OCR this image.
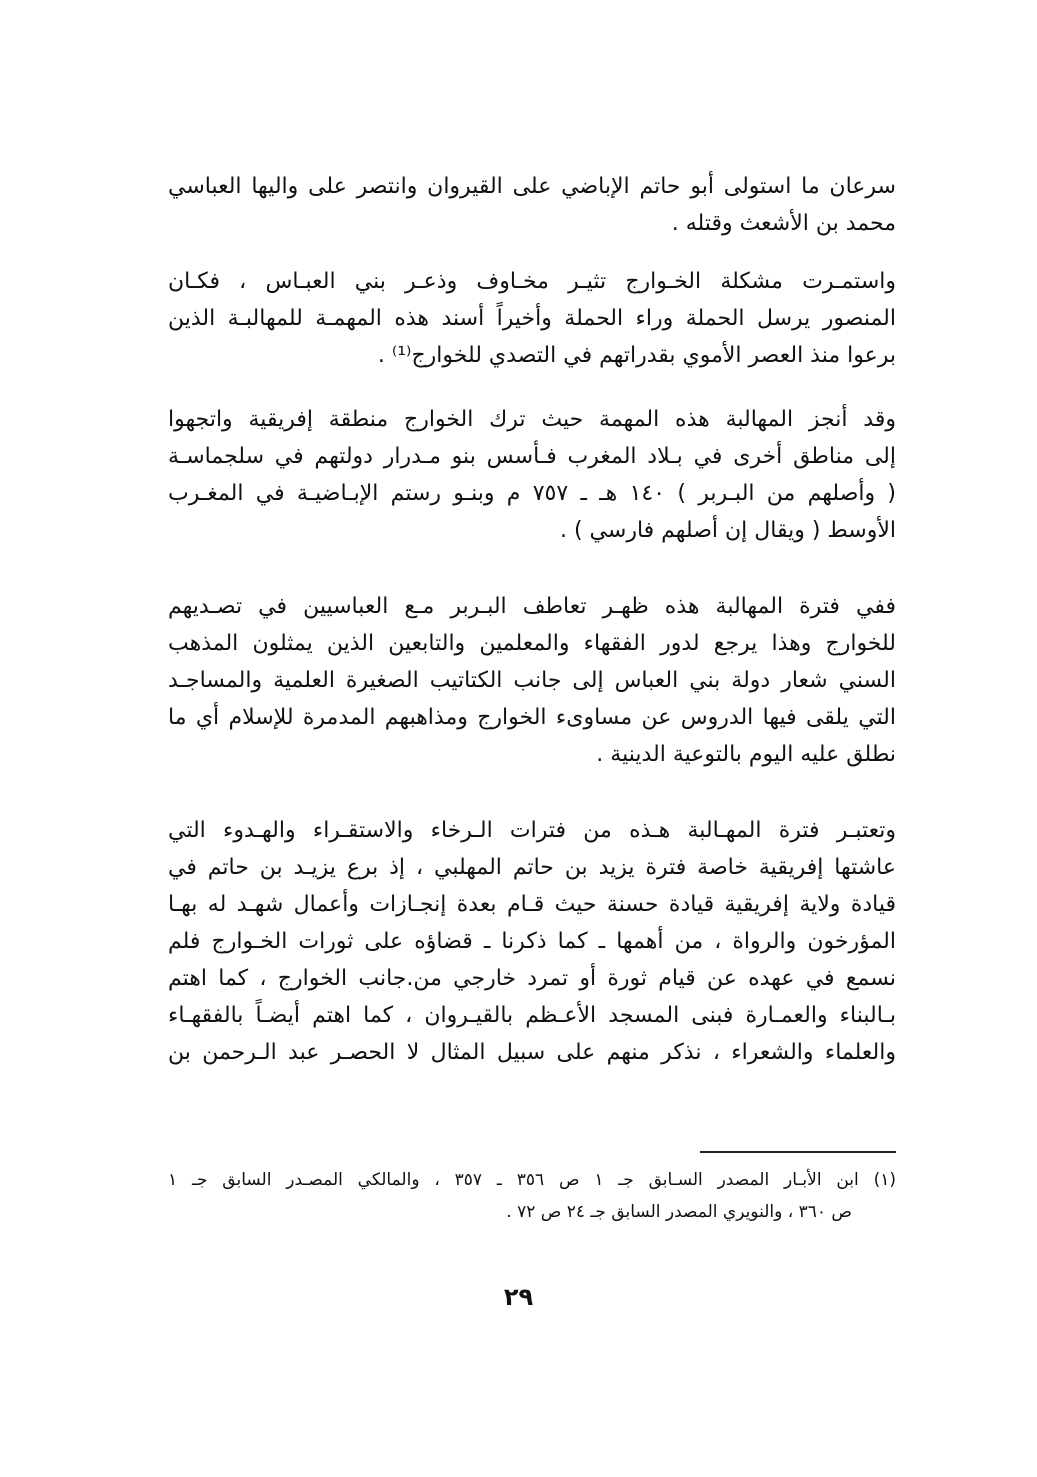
سرعان ما استولى أبو حاتم الإباضي على القيروان وانتصر على واليها العباسي
محمد بن الأشعث وقتله .
واستمـرت مشكلة الخـوارج تثيـر مخـاوف وذعـر بني العبـاس ، فكـان
المنصور يرسل الحملة وراء الحملة وأخيراً أسند هذه المهمـة للمهالبـة الذين
برعوا منذ العصر الأموي بقدراتهم في التصدي للخوارج⁽¹⁾ .
وقد أنجز المهالبة هذه المهمة حيث ترك الخوارج منطقة إفريقية واتجهوا
إلى مناطق أخرى في بـلاد المغرب فـأسس بنو مـدرار دولتهم في سلجماسـة
( وأصلهم من البـربر ) ١٤٠ هـ ـ ٧٥٧ م وبنـو رستم الإبـاضيـة في المغـرب
الأوسط ( ويقال إن أصلهم فارسي ) .
ففي فترة المهالبة هذه ظهـر تعاطف البـربر مـع العباسيين في تصـديهم
للخوارج وهذا يرجع لدور الفقهاء والمعلمين والتابعين الذين يمثلون المذهب
السني شعار دولة بني العباس إلى جانب الكتاتيب الصغيرة العلمية والمساجـد
التي يلقى فيها الدروس عن مساوىء الخوارج ومذاهبهم المدمرة للإسلام أي ما
نطلق عليه اليوم بالتوعية الدينية .
وتعتبـر فترة المهـالبة هـذه من فترات الـرخاء والاستقـراء والهـدوء التي
عاشتها إفريقية خاصة فترة يزيد بن حاتم المهلبي ، إذ برع يزيـد بن حاتم في
قيادة ولاية إفريقية قيادة حسنة حيث قـام بعدة إنجـازات وأعمال شهـد له بهـا
المؤرخون والرواة ، من أهمها ـ كما ذكرنا ـ قضاؤه على ثورات الخـوارج فلم
نسمع في عهده عن قيام ثورة أو تمرد خارجي من.جانب الخوارج ، كما اهتم
بـالبناء والعمـارة فبنى المسجد الأعـظم بالقيـروان ، كما اهتم أيضـاً بالفقهـاء
والعلماء والشعراء ، نذكر منهم على سبيل المثال لا الحصـر عبد الـرحمن بن
(١) ابن الأبـار المصدر السـابق جـ ١ ص ٣٥٦ ـ ٣٥٧ ، والمالكي المصـدر السابق جـ ١
ص ٣٦٠ ، والنويري المصدر السابق جـ ٢٤ ص ٧٢ .
٢٩
